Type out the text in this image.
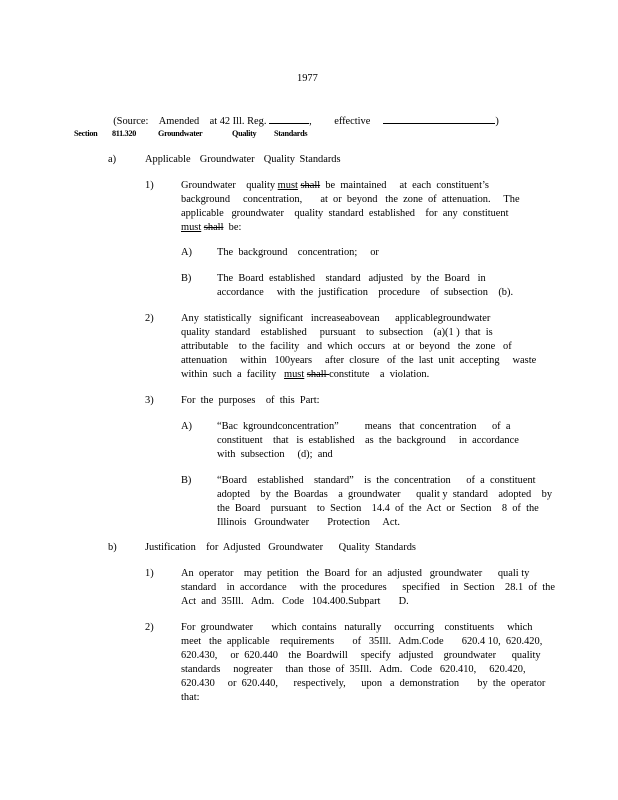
1977

(Source: Amended at 42 Ill. Reg.	,	effective	)

Section 811.320	Groundwater	Quality Standards
a)	Applicable  Groundwater  Quality Standards
1)	Groundwater    quality must shall  be  maintained     at  each  constituent’s
background     concentration,       at  or  beyond   the  zone  of  attenuation.     The
applicable   groundwater    quality  standard  established    for  any  constituent
must shall  be:
A) The  background    concentration;     or
B) The  Board  established    standard   adjusted   by  the  Board   in
accordance     with  the  justification    procedure    of  subsection    (b).
2)	Any  statistically   significant   increaseabovean      applicablegroundwater
quality  standard    established     pursuant    to  subsection    (a)(1 )  that  is
attributable    to  the  facility   and  which  occurs   at  or  beyond   the  zone   of
attenuation     within   100years     after  closure   of  the  last  unit  accepting     waste
within  such  a  facility   must shall constitute    a  violation.
3)	For  the  purposes    of  this  Part:
A) “Bac  kgroundconcentration”          means   that  concentration      of  a
constituent    that   is  established    as  the  background     in  accordance
with  subsection     (d);  and
B) “Board    established    standard”    is  the  concentration      of  a  constituent
adopted    by  the  Boardas    a  groundwater      qualit y  standard    adopted    by
the  Board    pursuant    to  Section    14.4  of  the  Act  or  Section    8  of  the
Illinois   Groundwater       Protection     Act.
b)	Justification    for  Adjusted   Groundwater      Quality  Standards
1)	An  operator    may  petition   the  Board  for  an  adjusted   groundwater      quali ty
standard    in  accordance     with  the  procedures      specified    in  Section    28.1  of  the
Act  and  35Ill.   Adm.   Code   104.400.Subpart       D.
2)	For  groundwater       which  contains   naturally     occurring    constituents     which
meet   the  applicable    requirements       of   35Ill.   Adm.Code       620.4 10,  620.420,
620.430,     or  620.440    the  Boardwill     specify   adjusted    groundwater      quality
standards     nogreater     than  those  of  35Ill.   Adm.   Code   620.410,     620.420,
620.430     or  620.440,      respectively,      upon   a  demonstration       by  the  operator
that:
